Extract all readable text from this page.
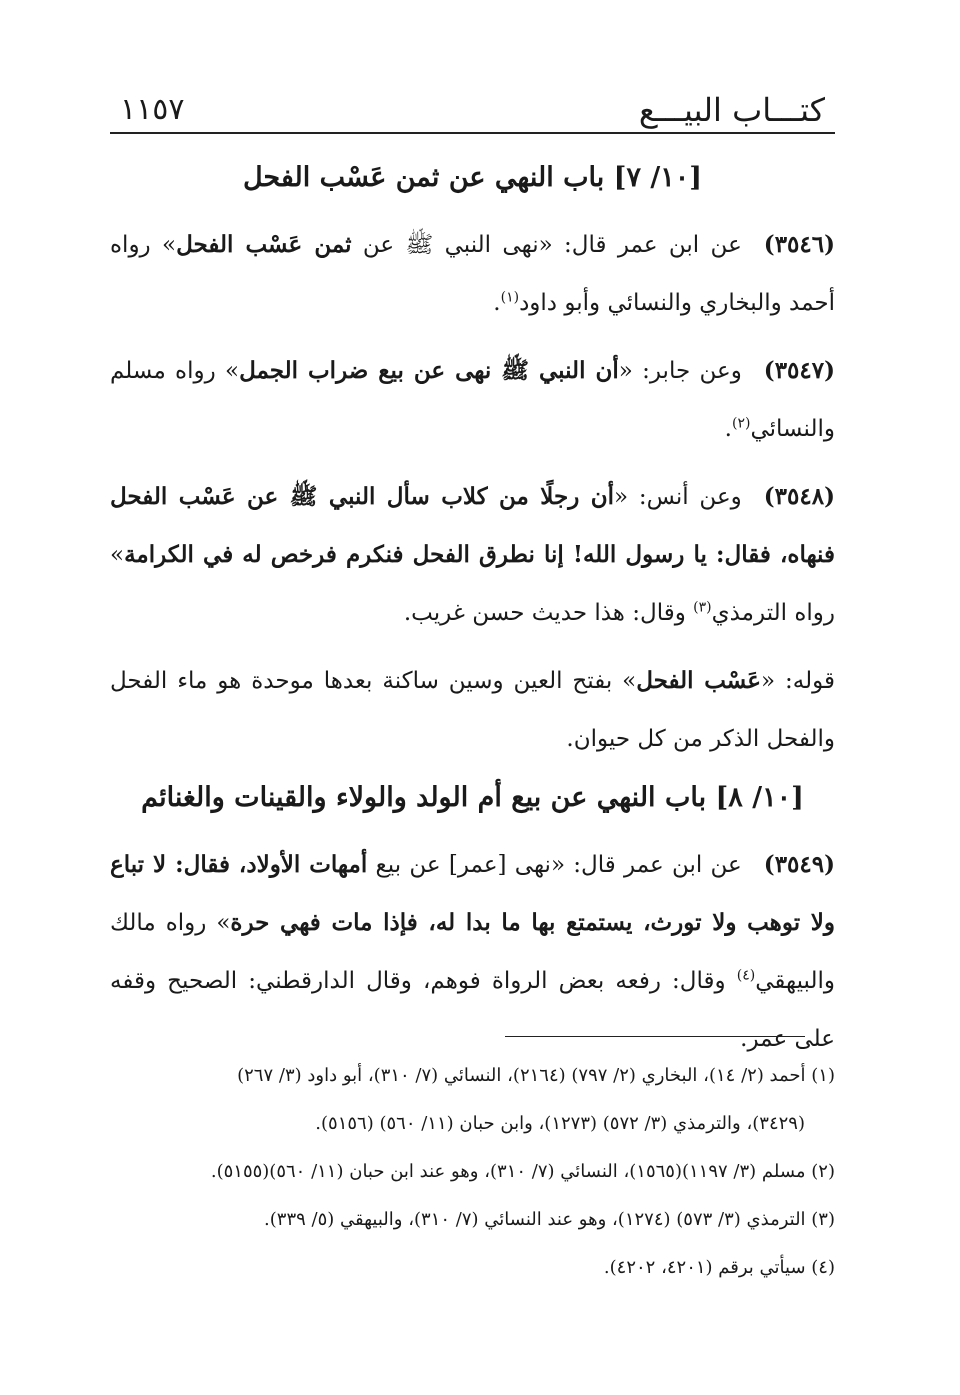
كتـــاب البيـــع
١١٥٧
[١٠/ ٧] باب النهي عن ثمن عَسْب الفحل

(٣٥٤٦)عن ابن عمر قال: «نهى النبي ﷺ عن ثمن عَسْب الفحل» رواه أحمد والبخاري والنسائي وأبو داود$^{(١)}$.

(٣٥٤٧)وعن جابر: «أن النبي ﷺ نهى عن بيع ضراب الجمل» رواه مسلم والنسائي$^{(٢)}$.

(٣٥٤٨)وعن أنس: «أن رجلًا من كلاب سأل النبي ﷺ عن عَسْب الفحل فنهاه، فقال: يا رسول الله! إنا نطرق الفحل فنكرم فرخص له في الكرامة» رواه الترمذي$^{(٣)}$ وقال: هذا حديث حسن غريب.

قوله: «عَسْب الفحل» بفتح العين وسين ساكنة بعدها موحدة هو ماء الفحل والفحل الذكر من كل حيوان.

[١٠/ ٨] باب النهي عن بيع أم الولد والولاء والقينات والغنائم

(٣٥٤٩)عن ابن عمر قال: «نهى [عمر] عن بيع أمهات الأولاد، فقال: لا تباع ولا توهب ولا تورث، يستمتع بها ما بدا له، فإذا مات فهي حرة» رواه مالك والبيهقي$^{(٤)}$ وقال: رفعه بعض الرواة فوهم، وقال الدارقطني: الصحيح وقفه على عمر.

(١) أحمد (٢/ ١٤)، البخاري (٢/ ٧٩٧) (٢١٦٤)، النسائي (٧/ ٣١٠)، أبو داود (٣/ ٢٦٧)

(٣٤٢٩)، والترمذي (٣/ ٥٧٢) (١٢٧٣)، وابن حبان (١١/ ٥٦٠) (٥١٥٦).

(٢) مسلم (٣/ ١١٩٧)(١٥٦٥)، النسائي (٧/ ٣١٠)، وهو عند ابن حبان (١١/ ٥٦٠)(٥١٥٥).

(٣) الترمذي (٣/ ٥٧٣) (١٢٧٤)، وهو عند النسائي (٧/ ٣١٠)، والبيهقي (٥/ ٣٣٩).

(٤) سيأتي برقم (٤٢٠١، ٤٢٠٢).
